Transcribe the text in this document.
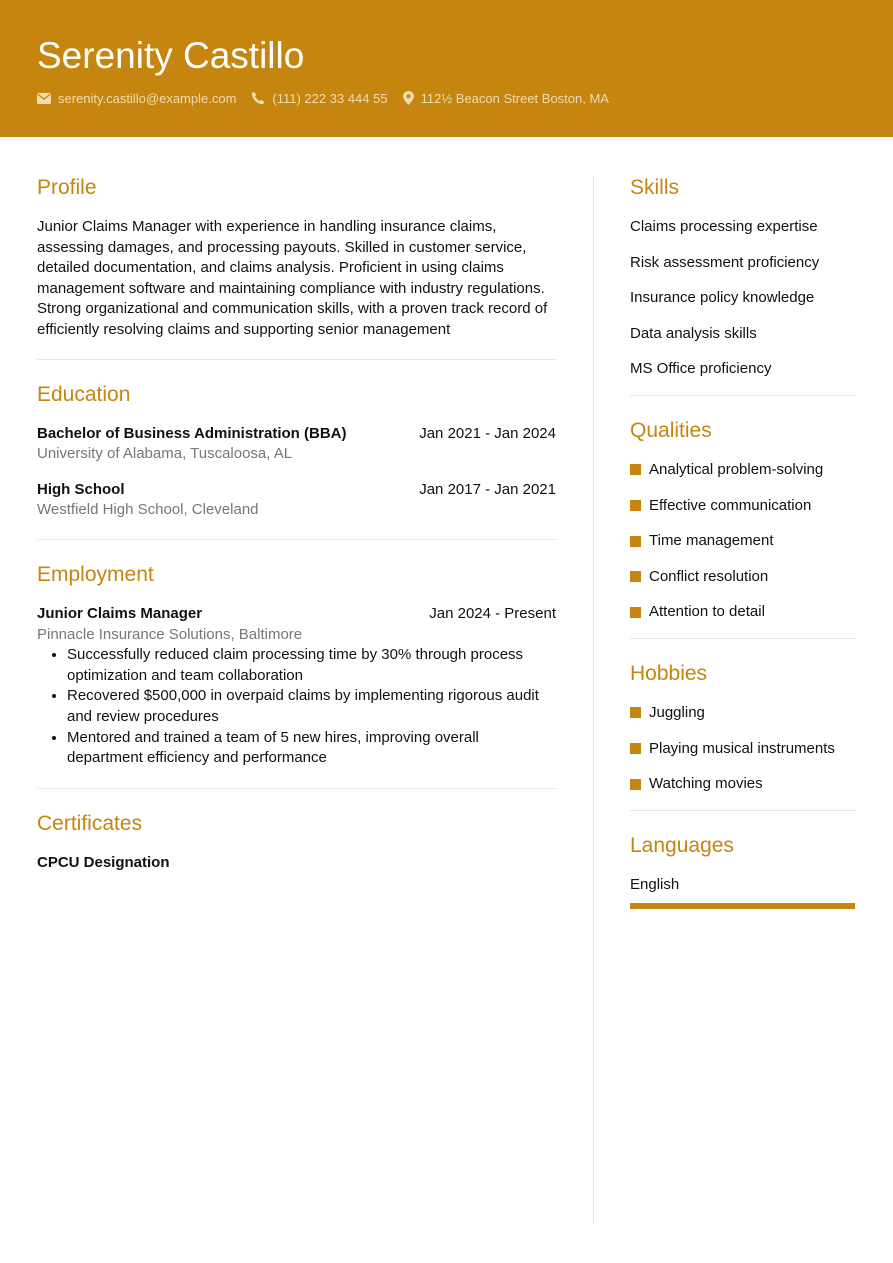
Serenity Castillo
serenity.castillo@example.com	(111) 222 33 444 55	112½ Beacon Street Boston, MA
Profile
Junior Claims Manager with experience in handling insurance claims, assessing damages, and processing payouts. Skilled in customer service, detailed documentation, and claims analysis. Proficient in using claims management software and maintaining compliance with industry regulations. Strong organizational and communication skills, with a proven track record of efficiently resolving claims and supporting senior management
Education
Bachelor of Business Administration (BBA)	Jan 2021 - Jan 2024
University of Alabama, Tuscaloosa, AL
High School	Jan 2017 - Jan 2021
Westfield High School, Cleveland
Employment
Junior Claims Manager	Jan 2024 - Present
Pinnacle Insurance Solutions, Baltimore
• Successfully reduced claim processing time by 30% through process optimization and team collaboration
• Recovered $500,000 in overpaid claims by implementing rigorous audit and review procedures
• Mentored and trained a team of 5 new hires, improving overall department efficiency and performance
Certificates
CPCU Designation
Skills
Claims processing expertise
Risk assessment proficiency
Insurance policy knowledge
Data analysis skills
MS Office proficiency
Qualities
Analytical problem-solving
Effective communication
Time management
Conflict resolution
Attention to detail
Hobbies
Juggling
Playing musical instruments
Watching movies
Languages
English
